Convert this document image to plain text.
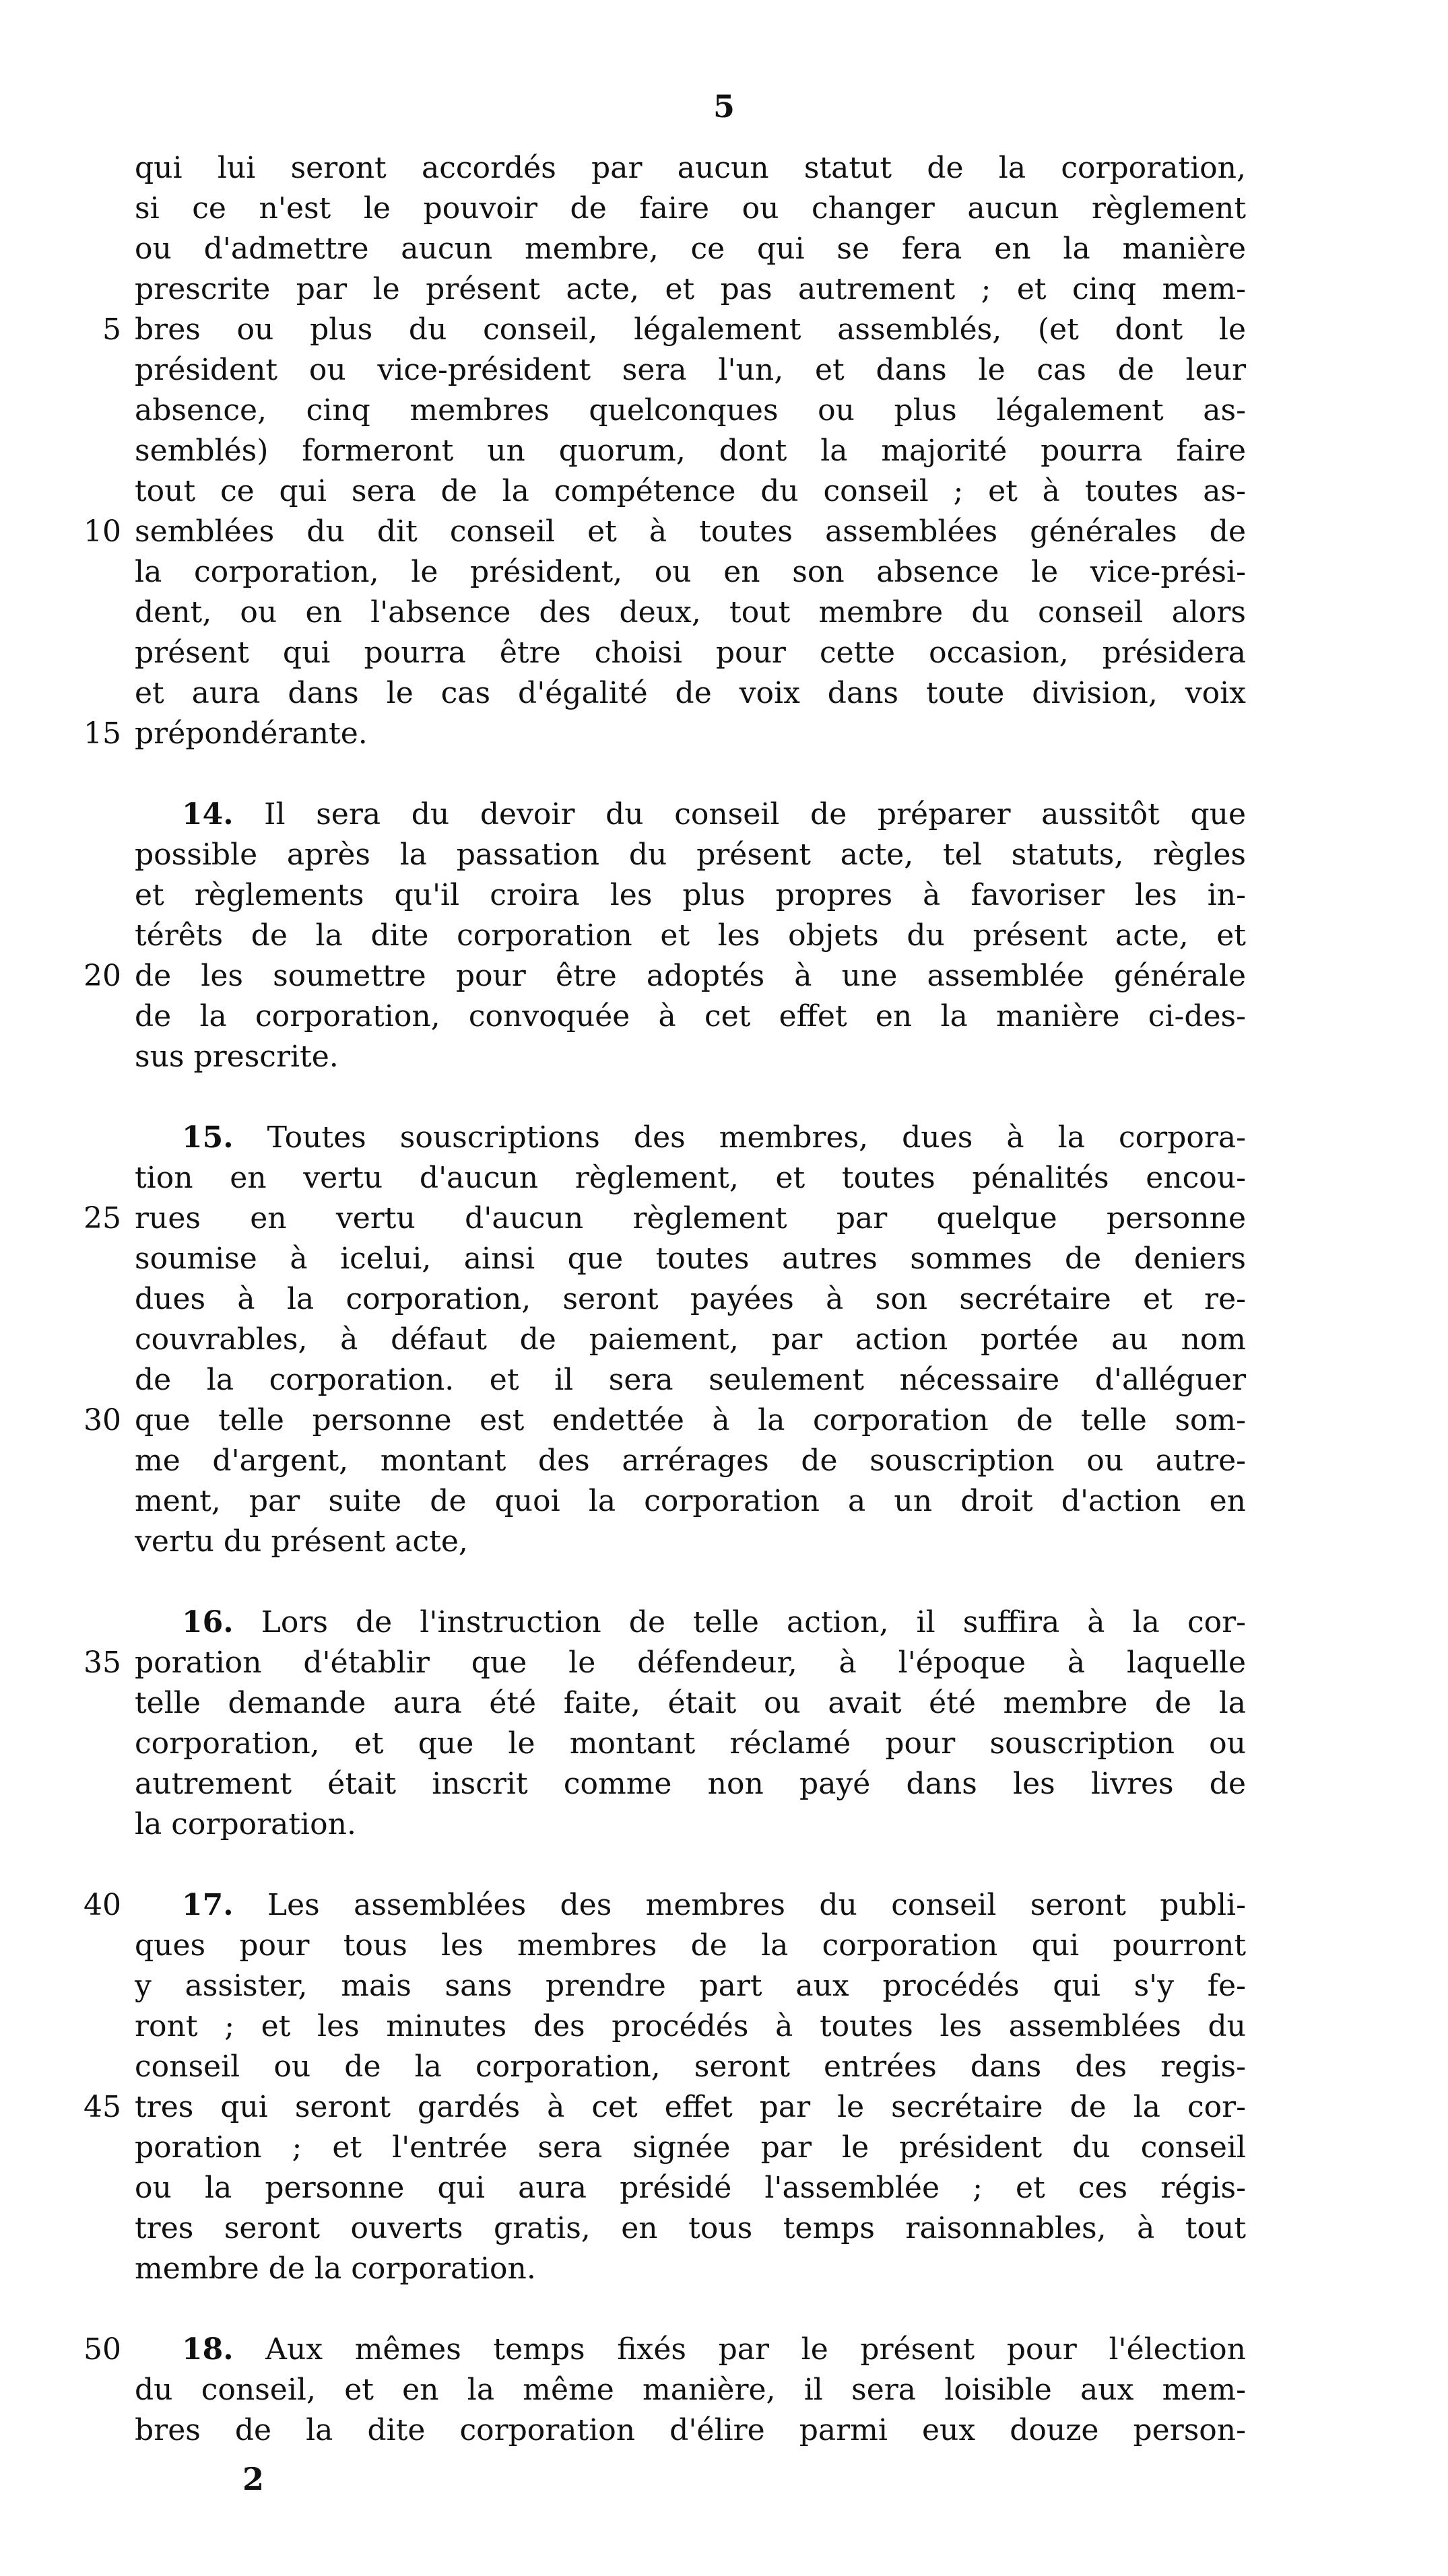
5
qui lui seront accordés par aucun statut de la corporation,
si ce n'est le pouvoir de faire ou changer aucun règlement
ou d'admettre aucun membre, ce qui se fera en la manière
prescrite par le présent acte, et pas autrement ; et cinq mem-
5 bres ou plus du conseil, légalement assemblés, (et dont le
président ou vice-président sera l'un, et dans le cas de leur
absence, cinq membres quelconques ou plus légalement as-
semblés) formeront un quorum, dont la majorité pourra faire
tout ce qui sera de la compétence du conseil ; et à toutes as-
10 semblées du dit conseil et à toutes assemblées générales de
la corporation, le président, ou en son absence le vice-prési-
dent, ou en l'absence des deux, tout membre du conseil alors
présent qui pourra être choisi pour cette occasion, présidera
et aura dans le cas d'égalité de voix dans toute division, voix
15 prépondérante.
14. Il sera du devoir du conseil de préparer aussitôt que
possible après la passation du présent acte, tel statuts, règles
et règlements qu'il croira les plus propres à favoriser les in-
térêts de la dite corporation et les objets du présent acte, et
20 de les soumettre pour être adoptés à une assemblée générale
de la corporation, convoquée à cet effet en la manière ci-des-
sus prescrite.
15. Toutes souscriptions des membres, dues à la corpora-
tion en vertu d'aucun règlement, et toutes pénalités encou-
25 rues en vertu d'aucun règlement par quelque personne
soumise à icelui, ainsi que toutes autres sommes de deniers
dues à la corporation, seront payées à son secrétaire et re-
couvrables, à défaut de paiement, par action portée au nom
de la corporation. et il sera seulement nécessaire d'alléguer
30 que telle personne est endettée à la corporation de telle som-
me d'argent, montant des arrérages de souscription ou autre-
ment, par suite de quoi la corporation a un droit d'action en
vertu du présent acte,
16. Lors de l'instruction de telle action, il suffira à la cor-
35 poration d'établir que le défendeur, à l'époque à laquelle
telle demande aura été faite, était ou avait été membre de la
corporation, et que le montant réclamé pour souscription ou
autrement était inscrit comme non payé dans les livres de
la corporation.
40 17. Les assemblées des membres du conseil seront publi-
ques pour tous les membres de la corporation qui pourront
y assister, mais sans prendre part aux procédés qui s'y fe-
ront ; et les minutes des procédés à toutes les assemblées du
conseil ou de la corporation, seront entrées dans des regis-
45 tres qui seront gardés à cet effet par le secrétaire de la cor-
poration ; et l'entrée sera signée par le président du conseil
ou la personne qui aura présidé l'assemblée ; et ces régis-
tres seront ouverts gratis, en tous temps raisonnables, à tout
membre de la corporation.
50 18. Aux mêmes temps fixés par le présent pour l'élection
du conseil, et en la même manière, il sera loisible aux mem-
bres de la dite corporation d'élire parmi eux douze person-
2
